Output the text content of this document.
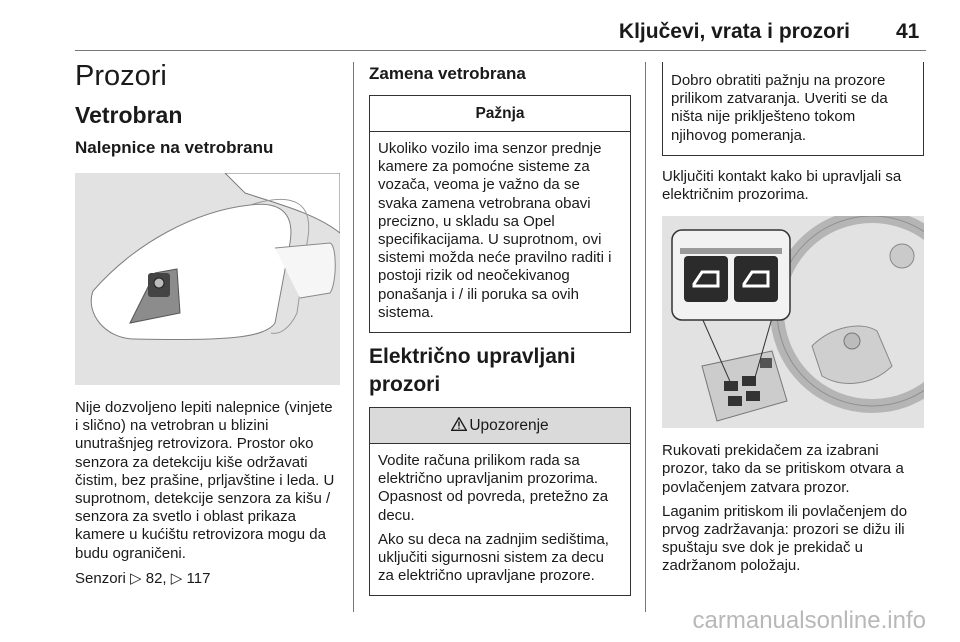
Ključevi, vrata i prozori 41
Prozori
Vetrobran
Nalepnice na vetrobranu

Nije dozvoljeno lepiti nalepnice (vinjete i slično) na vetrobran u blizini unutrašnjeg retrovizora. Prostor oko senzora za detekciju kiše održavati čistim, bez prašine, prljavštine i leda. U suprotnom, detekcije senzora za kišu / senzora za svetlo i oblast prikaza kamere u kućištu retrovizora mogu da budu ograničeni.

Senzori ▷ 82, ▷ 117

Zamena vetrobrana
Pažnja

Ukoliko vozilo ima senzor prednje kamere za pomoćne sisteme za vozača, veoma je važno da se svaka zamena vetrobrana obavi precizno, u skladu sa Opel specifikacijama. U suprotnom, ovi sistemi možda neće pravilno raditi i postoji rizik od neočekivanog ponašanja i / ili poruka sa ovih sistema.

Električno upravljani prozori
Upozorenje

Vodite računa prilikom rada sa električno upravljanim prozorima. Opasnost od povreda, pretežno za decu.

Ako su deca na zadnjim sedištima, uključiti sigurnosni sistem za decu za električno upravljane prozore.

Dobro obratiti pažnju na prozore prilikom zatvaranja. Uveriti se da ništa nije priklješteno tokom njihovog pomeranja.

Uključiti kontakt kako bi upravljali sa električnim prozorima.

Rukovati prekidačem za izabrani prozor, tako da se pritiskom otvara a povlačenjem zatvara prozor.

Laganim pritiskom ili povlačenjem do prvog zadržavanja: prozori se dižu ili spuštaju sve dok je prekidač u zadržanom položaju.

carmanualsonline.info
